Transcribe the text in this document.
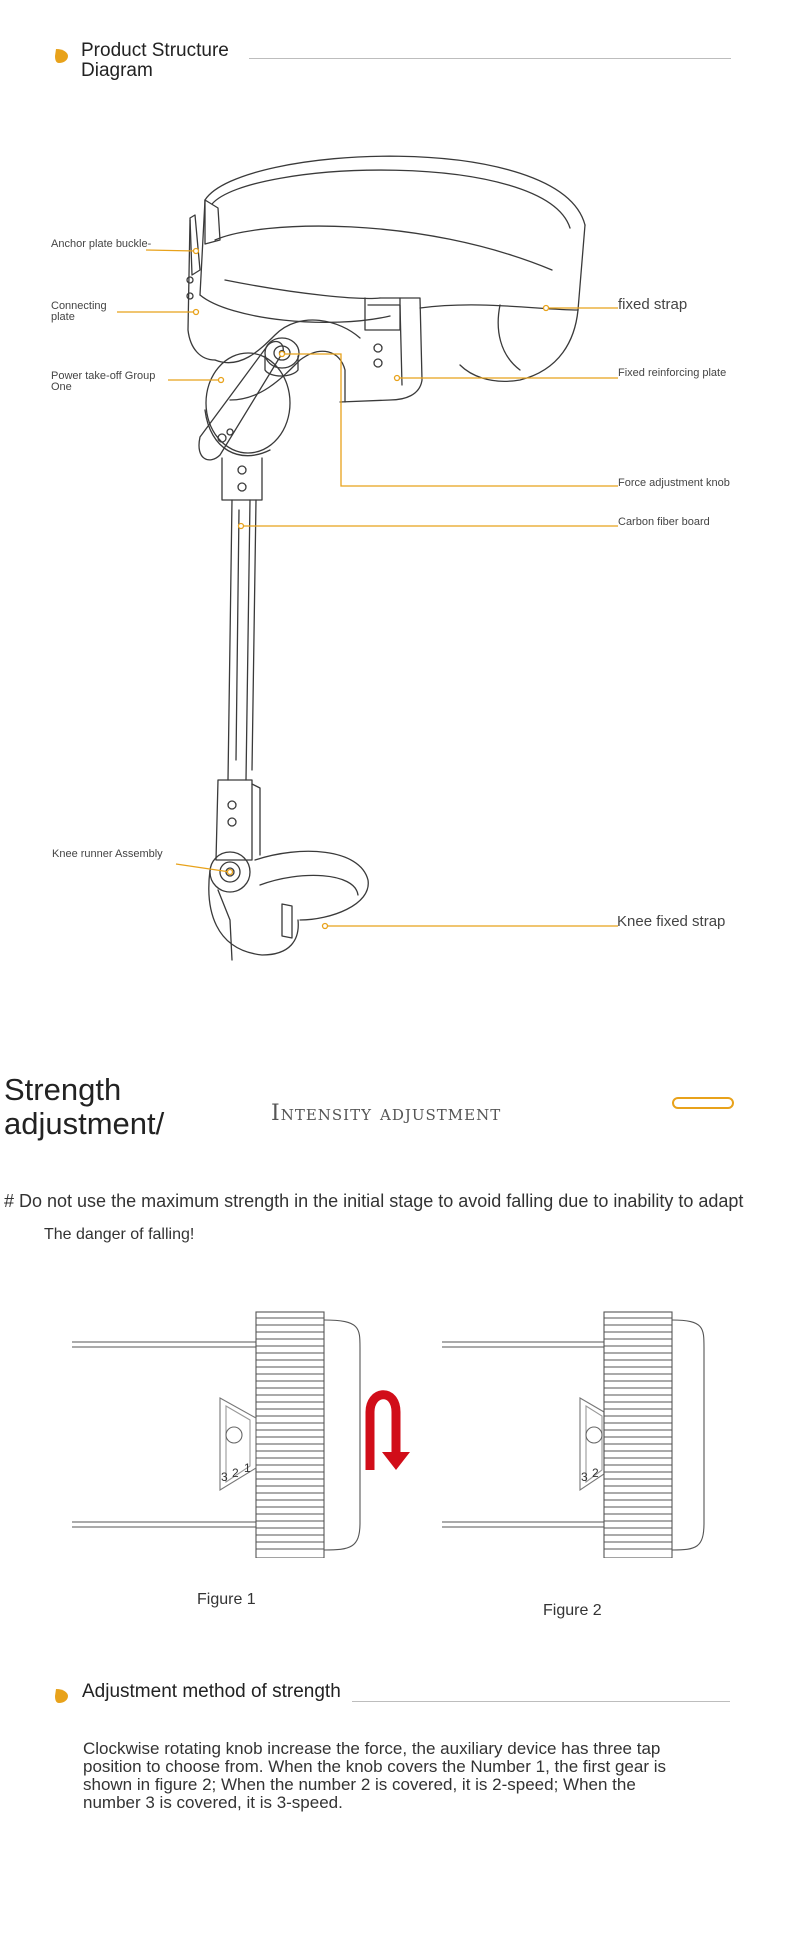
Product Structure
Diagram
Anchor plate buckle-
Connecting
plate
Power take-off Group
One
Knee runner Assembly
fixed strap
Fixed reinforcing plate
Force adjustment knob
Carbon fiber board
Knee fixed strap
Strength
adjustment/	Intensity adjustment
# Do not use the maximum strength in the initial stage to avoid falling due to inability to adapt
The danger of falling!
3 2 1
3 2
Figure 1
Figure 2
Adjustment method of strength
Clockwise rotating knob increase the force, the auxiliary device has three tap
position to choose from. When the knob covers the Number 1, the first gear is
shown in figure 2; When the number 2 is covered, it is 2-speed; When the
number 3 is covered, it is 3-speed.
